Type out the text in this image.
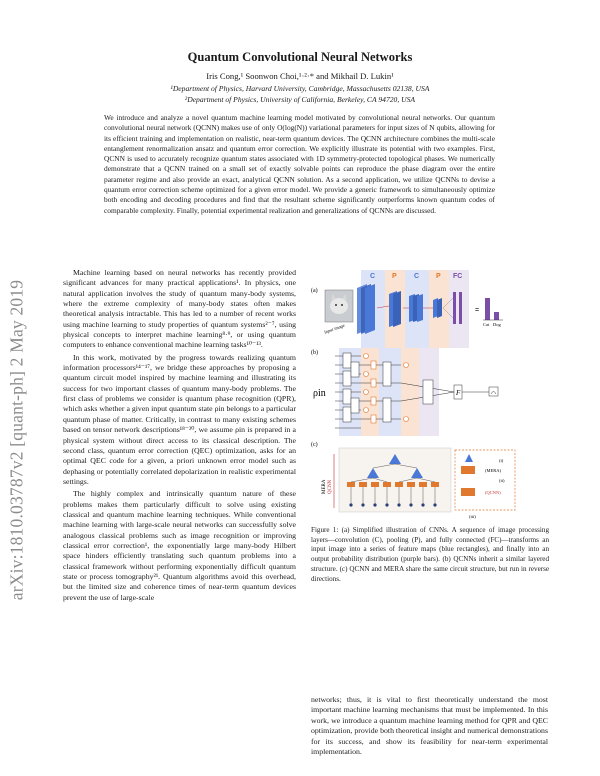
arXiv:1810.03787v2 [quant-ph] 2 May 2019
Quantum Convolutional Neural Networks
Iris Cong,¹ Soonwon Choi,¹·²·* and Mikhail D. Lukin¹
¹Department of Physics, Harvard University, Cambridge, Massachusetts 02138, USA
²Department of Physics, University of California, Berkeley, CA 94720, USA
We introduce and analyze a novel quantum machine learning model motivated by convolutional neural networks. Our quantum convolutional neural network (QCNN) makes use of only O(log(N)) variational parameters for input sizes of N qubits, allowing for its efficient training and implementation on realistic, near-term quantum devices. The QCNN architecture combines the multi-scale entanglement renormalization ansatz and quantum error correction. We explicitly illustrate its potential with two examples. First, QCNN is used to accurately recognize quantum states associated with 1D symmetry-protected topological phases. We numerically demonstrate that a QCNN trained on a small set of exactly solvable points can reproduce the phase diagram over the entire parameter regime and also provide an exact, analytical QCNN solution. As a second application, we utilize QCNNs to devise a quantum error correction scheme optimized for a given error model. We provide a generic framework to simultaneously optimize both encoding and decoding procedures and find that the resultant scheme significantly outperforms known quantum codes of comparable complexity. Finally, potential experimental realization and generalizations of QCNNs are discussed.

Machine learning based on neural networks has recently provided significant advances for many practical applications¹. In physics, one natural application involves the study of quantum many-body systems, where the extreme complexity of many-body states often makes theoretical analysis intractable. This has led to a number of recent works using machine learning to study properties of quantum systems²⁻⁷, using physical concepts to interpret machine learning⁸·⁹, or using quantum computers to enhance conventional machine learning tasks¹⁰⁻¹³.

In this work, motivated by the progress towards realizing quantum information processors¹⁴⁻¹⁷, we bridge these approaches by proposing a quantum circuit model inspired by machine learning and illustrating its success for two important classes of quantum many-body problems. The first class of problems we consider is quantum phase recognition (QPR), which asks whether a given input quantum state ρin belongs to a particular quantum phase of matter. Critically, in contrast to many existing schemes based on tensor network descriptions¹⁸⁻²⁰, we assume ρin is prepared in a physical system without direct access to its classical description. The second class, quantum error correction (QEC) optimization, asks for an optimal QEC code for a given, a priori unknown error model such as dephasing or potentially correlated depolarization in realistic experimental settings.

The highly complex and intrinsically quantum nature of these problems makes them particularly difficult to solve using existing classical and quantum machine learning techniques. While conventional machine learning with large-scale neural networks can successfully solve analogous classical problems such as image recognition or improving classical error correction¹, the exponentially large many-body Hilbert space hinders efficiently translating such quantum problems into a classical framework without performing exponentially difficult quantum state or process tomography²¹. Quantum algorithms avoid this overhead, but the limited size and coherence times of near-term quantum devices prevent the use of large-scale

(a)
C P C P FC
Input image
=
Cat Dog
(b)
ρin	F
(c)
QCNN
MERA
(i)
(MERA)
(ii)
(QCNN)
(iii)
Figure 1: (a) Simplified illustration of CNNs. A sequence of image processing layers—convolution (C), pooling (P), and fully connected (FC)—transforms an input image into a series of feature maps (blue rectangles), and finally into an output probability distribution (purple bars). (b) QCNNs inherit a similar layered structure. (c) QCNN and MERA share the same circuit structure, but run in reverse directions.
networks; thus, it is vital to first theoretically understand the most important machine learning mechanisms that must be implemented. In this work, we introduce a quantum machine learning method for QPR and QEC optimization, provide both theoretical insight and numerical demonstrations for its success, and show its feasibility for near-term experimental implementation.
